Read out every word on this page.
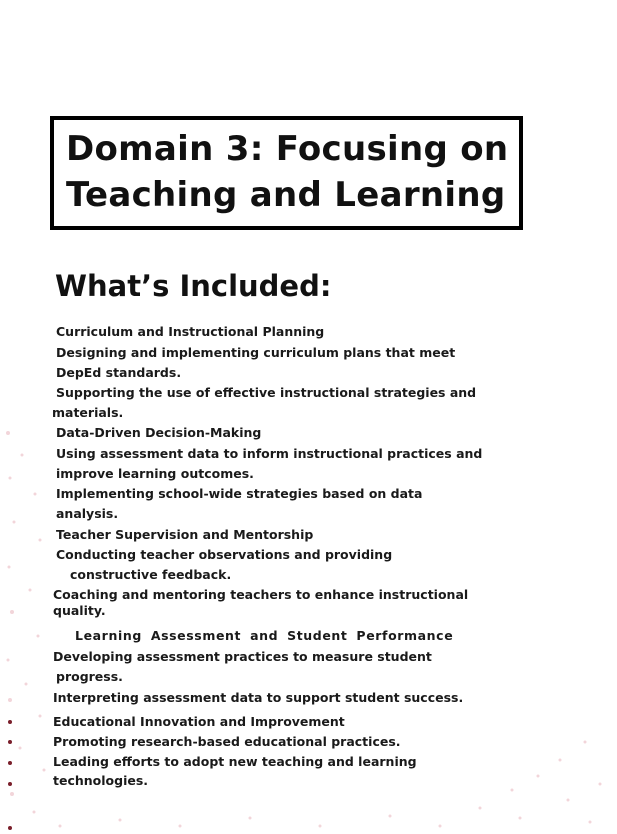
Domain 3: Focusing on
Teaching and Learning
What’s Included:
Curriculum and Instructional Planning
Designing and implementing curriculum plans that meet
DepEd standards.
Supporting the use of effective instructional strategies and
materials.
Data-Driven Decision-Making
Using assessment data to inform instructional practices and
improve learning outcomes.
Implementing school-wide strategies based on data
analysis.
Teacher Supervision and Mentorship
Conducting teacher observations and providing
constructive feedback.
Coaching and mentoring teachers to enhance instructional
quality.
Learning Assessment and Student Performance
Developing assessment practices to measure student
progress.
Interpreting assessment data to support student success.
Educational Innovation and Improvement
Promoting research-based educational practices.
Leading efforts to adopt new teaching and learning
technologies.
